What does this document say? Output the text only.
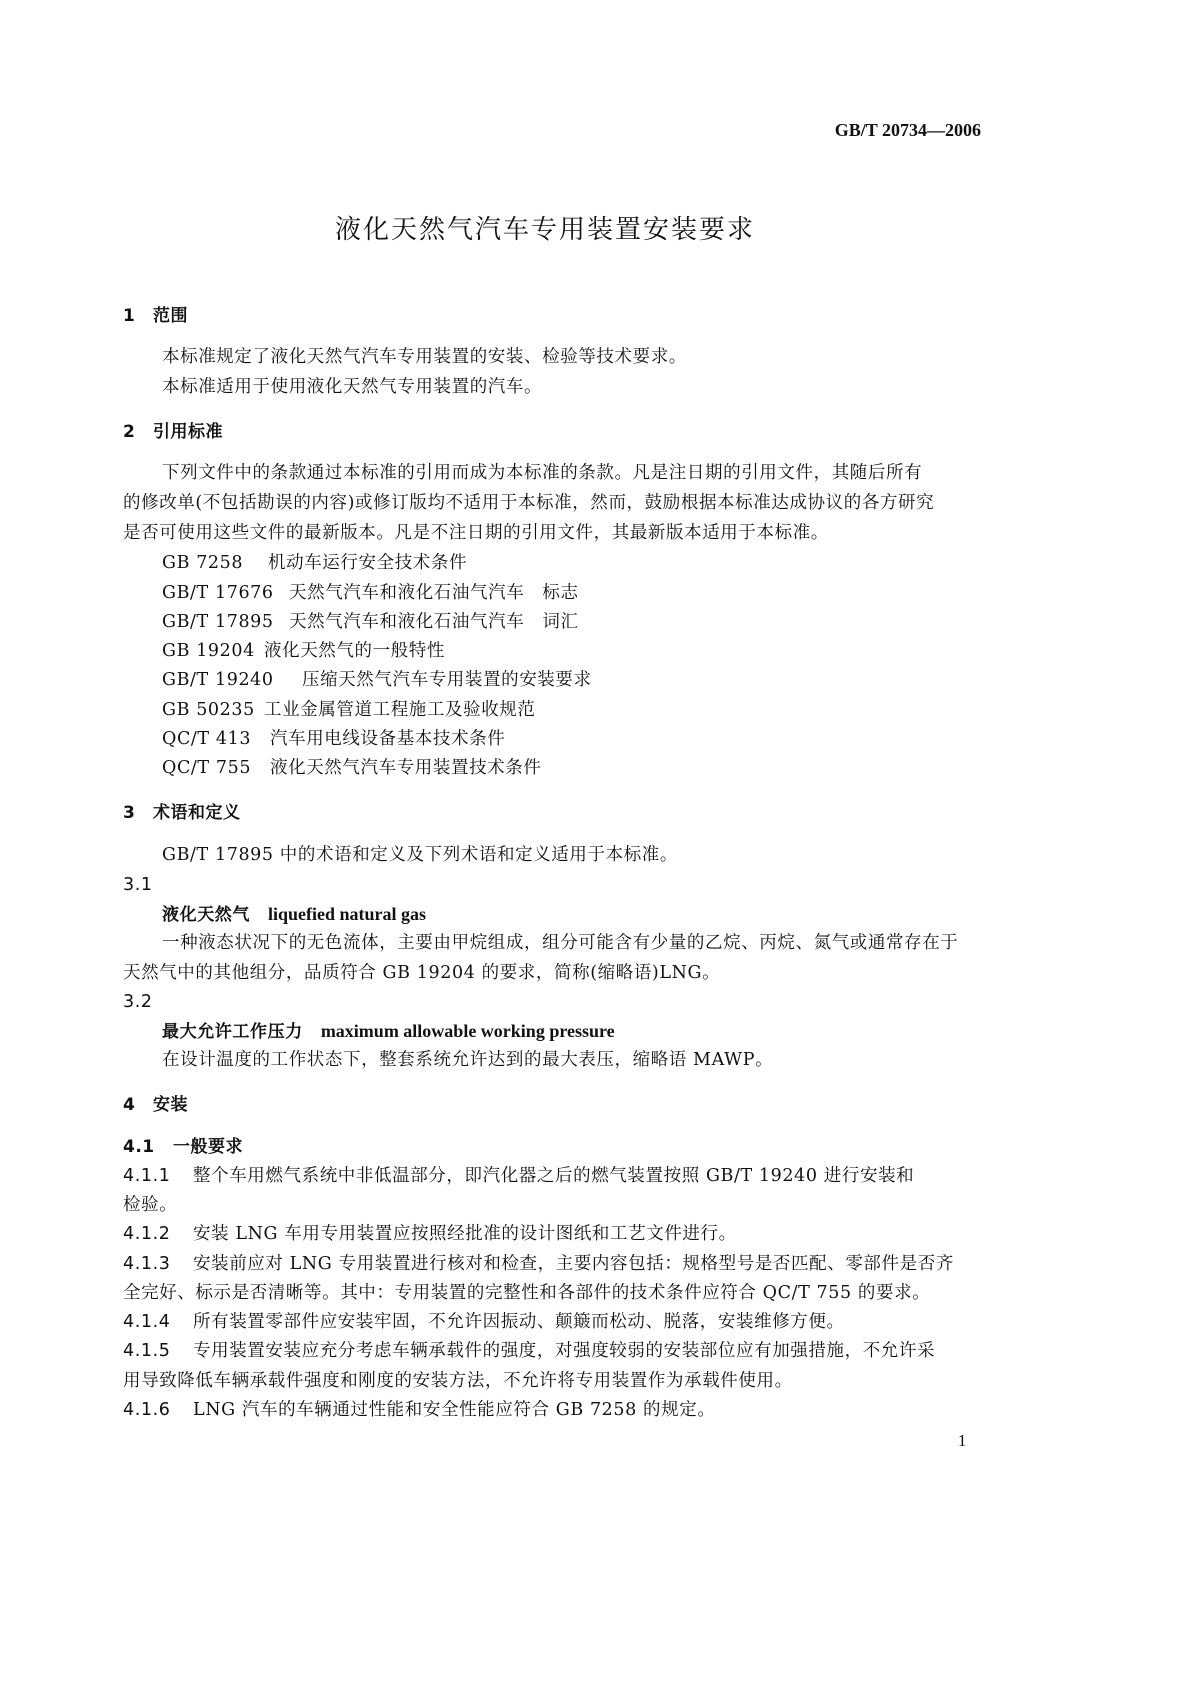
GB/T 20734—2006
液化天然气汽车专用装置安装要求
1 范围
本标准规定了液化天然气汽车专用装置的安装、检验等技术要求。
本标准适用于使用液化天然气专用装置的汽车。
2 引用标准
下列文件中的条款通过本标准的引用而成为本标准的条款。凡是注日期的引用文件，其随后所有
的修改单(不包括勘误的内容)或修订版均不适用于本标准，然而，鼓励根据本标准达成协议的各方研究
是否可使用这些文件的最新版本。凡是不注日期的引用文件，其最新版本适用于本标准。
GB 7258	机动车运行安全技术条件
GB/T 17676 天然气汽车和液化石油气汽车　标志
GB/T 17895 天然气汽车和液化石油气汽车　词汇
GB 19204 液化天然气的一般特性
GB/T 19240	压缩天然气汽车专用装置的安装要求
GB 50235 工业金属管道工程施工及验收规范
QC/T 413	汽车用电线设备基本技术条件
QC/T 755	液化天然气汽车专用装置技术条件
3 术语和定义
GB/T 17895 中的术语和定义及下列术语和定义适用于本标准。
3.1
液化天然气 liquefied natural gas
一种液态状况下的无色流体，主要由甲烷组成，组分可能含有少量的乙烷、丙烷、氮气或通常存在于
天然气中的其他组分，品质符合 GB 19204 的要求，简称(缩略语)LNG。
3.2
最大允许工作压力 maximum allowable working pressure
在设计温度的工作状态下，整套系统允许达到的最大表压，缩略语 MAWP。
4 安装
4.1 一般要求
4.1.1 整个车用燃气系统中非低温部分，即汽化器之后的燃气装置按照 GB/T 19240 进行安装和
检验。
4.1.2 安装 LNG 车用专用装置应按照经批准的设计图纸和工艺文件进行。
4.1.3 安装前应对 LNG 专用装置进行核对和检查，主要内容包括：规格型号是否匹配、零部件是否齐
全完好、标示是否清晰等。其中：专用装置的完整性和各部件的技术条件应符合 QC/T 755 的要求。
4.1.4 所有装置零部件应安装牢固，不允许因振动、颠簸而松动、脱落，安装维修方便。
4.1.5 专用装置安装应充分考虑车辆承载件的强度，对强度较弱的安装部位应有加强措施，不允许采
用导致降低车辆承载件强度和刚度的安装方法，不允许将专用装置作为承载件使用。
4.1.6 LNG 汽车的车辆通过性能和安全性能应符合 GB 7258 的规定。
1
